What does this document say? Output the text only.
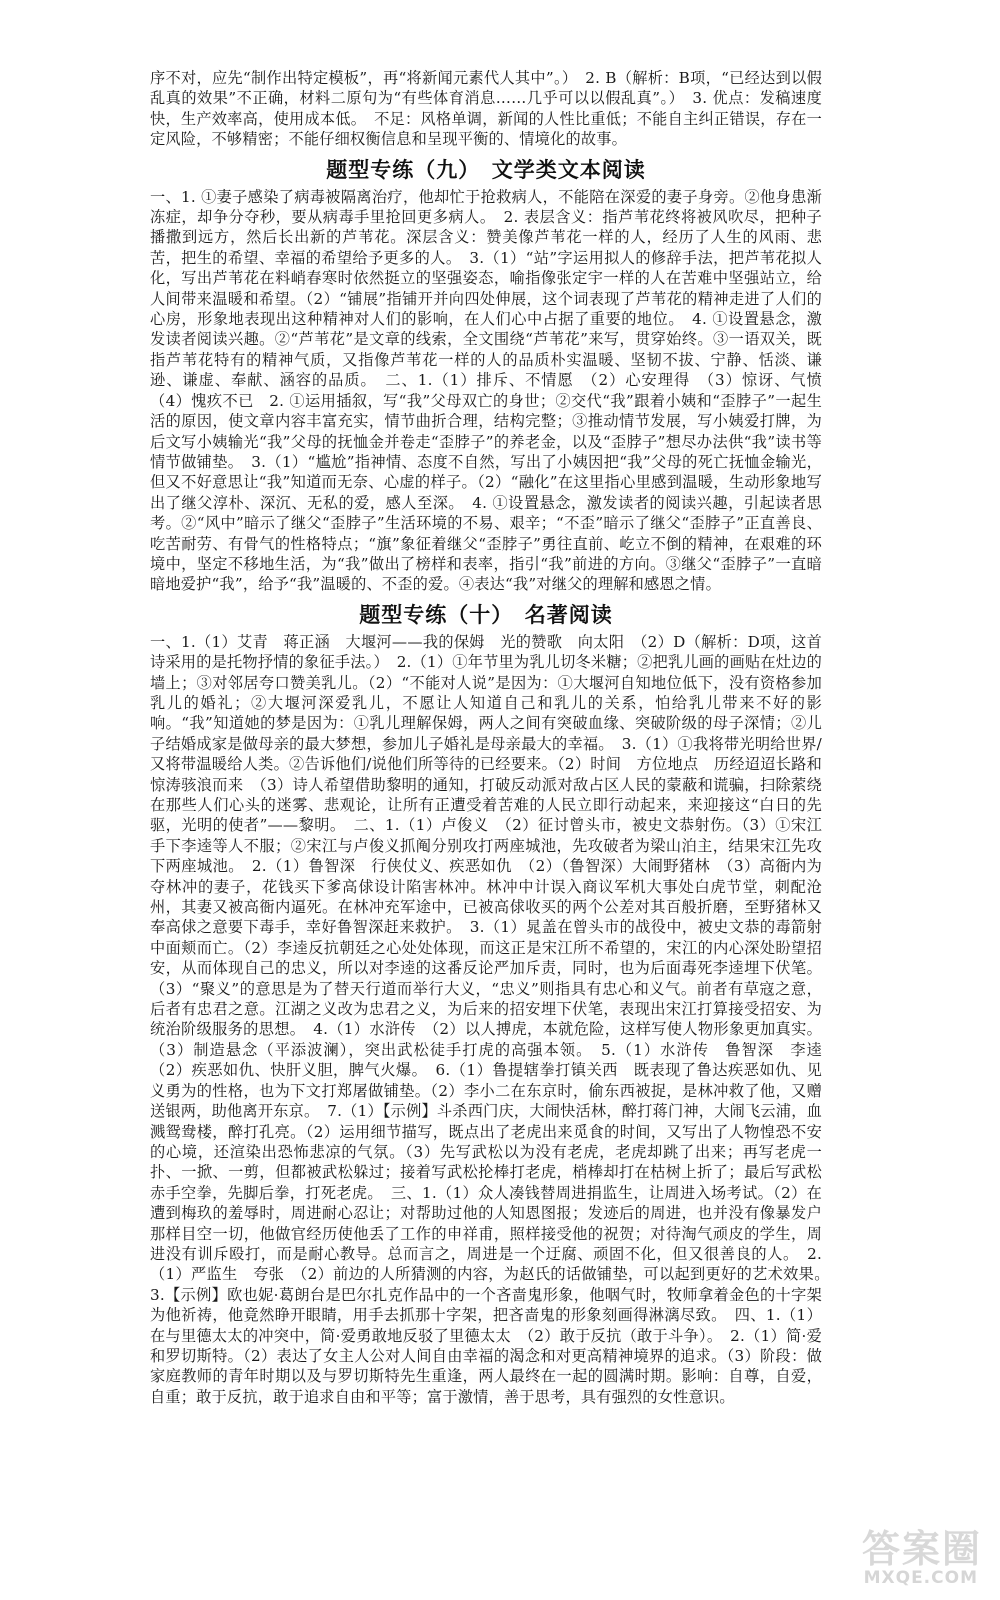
序不对，应先“制作出特定模板”，再“将新闻元素代人其中”。）　2. B（解析：B项，“已经达到以假乱真的效果”不正确，材料二原句为“有些体育消息……几乎可以以假乱真”。）　3. 优点：发稿速度快，生产效率高，使用成本低。　不足：风格单调，新闻的人性比重低；不能自主纠正错误，存在一定风险，不够精密；不能仔细权衡信息和呈现平衡的、情境化的故事。

题型专练（九）　文学类文本阅读

一、1. ①妻子感染了病毒被隔离治疗，他却忙于抢救病人，不能陪在深爱的妻子身旁。②他身患渐冻症，却争分夺秒，要从病毒手里抢回更多病人。　2. 表层含义：指芦苇花终将被风吹尽，把种子播撒到远方，然后长出新的芦苇花。深层含义：赞美像芦苇花一样的人，经历了人生的风雨、悲苦，把生的希望、幸福的希望给予更多的人。　3.（1）“站”字运用拟人的修辞手法，把芦苇花拟人化，写出芦苇花在料峭春寒时依然挺立的坚强姿态，喻指像张定宇一样的人在苦难中坚强站立，给人间带来温暖和希望。（2）“铺展”指铺开并向四处伸展，这个词表现了芦苇花的精神走进了人们的心房，形象地表现出这种精神对人们的影响，在人们心中占据了重要的地位。　4. ①设置悬念，激发读者阅读兴趣。②“芦苇花”是文章的线索，全文围绕“芦苇花”来写，贯穿始终。③一语双关，既指芦苇花特有的精神气质，又指像芦苇花一样的人的品质朴实温暖、坚韧不拔、宁静、恬淡、谦逊、谦虚、奉献、涵容的品质。　二、1.（1）排斥、不情愿　（2）心安理得　（3）惊讶、气愤　（4）愧疚不已　2. ①运用插叙，写“我”父母双亡的身世；②交代“我”跟着小姨和“歪脖子”一起生活的原因，使文章内容丰富充实，情节曲折合理，结构完整；③推动情节发展，写小姨爱打牌，为后文写小姨输光“我”父母的抚恤金并卷走“歪脖子”的养老金，以及“歪脖子”想尽办法供“我”读书等情节做铺垫。　3.（1）“尴尬”指神情、态度不自然，写出了小姨因把“我”父母的死亡抚恤金输光，但又不好意思让“我”知道而无奈、心虚的样子。（2）“融化”在这里指心里感到温暖，生动形象地写出了继父淳朴、深沉、无私的爱，感人至深。　4. ①设置悬念，激发读者的阅读兴趣，引起读者思考。②“风中”暗示了继父“歪脖子”生活环境的不易、艰辛；“不歪”暗示了继父“歪脖子”正直善良、吃苦耐劳、有骨气的性格特点；“旗”象征着继父“歪脖子”勇往直前、屹立不倒的精神，在艰难的环境中，坚定不移地生活，为“我”做出了榜样和表率，指引“我”前进的方向。③继父“歪脖子”一直暗暗地爱护“我”，给予“我”温暖的、不歪的爱。④表达“我”对继父的理解和感恩之情。

题型专练（十）　名著阅读

一、1.（1）艾青　蒋正涵　大堰河——我的保姆　光的赞歌　向太阳　（2）D（解析：D项，这首诗采用的是托物抒情的象征手法。）　2.（1）①年节里为乳儿切冬米糖；②把乳儿画的画贴在灶边的墙上；③对邻居夸口赞美乳儿。（2）“不能对人说”是因为：①大堰河自知地位低下，没有资格参加乳儿的婚礼；②大堰河深爱乳儿，不愿让人知道自己和乳儿的关系，怕给乳儿带来不好的影响。“我”知道她的梦是因为：①乳儿理解保姆，两人之间有突破血缘、突破阶级的母子深情；②儿子结婚成家是做母亲的最大梦想，参加儿子婚礼是母亲最大的幸福。　3.（1）①我将带光明给世界/又将带温暖给人类。②告诉他们/说他们所等待的已经要来。（2）时间　方位地点　历经迢迢长路和惊涛骇浪而来　（3）诗人希望借助黎明的通知，打破反动派对敌占区人民的蒙蔽和谎骗，扫除萦绕在那些人们心头的迷雾、悲观论，让所有正遭受着苦难的人民立即行动起来，来迎接这“白日的先驱，光明的使者”——黎明。　二、1.（1）卢俊义　（2）征讨曾头市，被史文恭射伤。（3）①宋江手下李逵等人不服；②宋江与卢俊义抓阄分别攻打两座城池，先攻破者为梁山泊主，结果宋江先攻下两座城池。　2.（1）鲁智深　行侠仗义、疾恶如仇　（2）（鲁智深）大闹野猪林　（3）高衙内为夺林冲的妻子，花钱买下爹高俅设计陷害林冲。林冲中计误入商议军机大事处白虎节堂，刺配沧州，其妻又被高衙内逼死。在林冲充军途中，已被高俅收买的两个公差对其百般折磨，至野猪林又奉高俅之意要下毒手，幸好鲁智深赶来救护。　3.（1）晁盖在曾头市的战役中，被史文恭的毒箭射中面颊而亡。（2）李逵反抗朝廷之心处处体现，而这正是宋江所不希望的，宋江的内心深处盼望招安，从而体现自己的忠义，所以对李逵的这番反论严加斥责，同时，也为后面毒死李逵埋下伏笔。（3）“聚义”的意思是为了替天行道而举行大义，“忠义”则指具有忠心和义气。前者有草寇之意，后者有忠君之意。江湖之义改为忠君之义，为后来的招安埋下伏笔，表现出宋江打算接受招安、为统治阶级服务的思想。　4.（1）水浒传　（2）以人搏虎，本就危险，这样写使人物形象更加真实。（3）制造悬念（平添波澜），突出武松徒手打虎的高强本领。　5.（1）水浒传　鲁智深　李逵　（2）疾恶如仇、快肝义胆，脾气火爆。　6.（1）鲁提辖拳打镇关西　既表现了鲁达疾恶如仇、见义勇为的性格，也为下文打郑屠做铺垫。（2）李小二在东京时，偷东西被捉，是林冲救了他，又赠送银两，助他离开东京。　7.（1）【示例】斗杀西门庆，大闹快活林，醉打蒋门神，大闹飞云浦，血溅鸳鸯楼，醉打孔亮。（2）运用细节描写，既点出了老虎出来觅食的时间，又写出了人物惶恐不安的心境，还渲染出恐怖悲凉的气氛。（3）先写武松以为没有老虎，老虎却跳了出来；再写老虎一扑、一掀、一剪，但都被武松躲过；接着写武松抡棒打老虎，梢棒却打在枯树上折了；最后写武松赤手空拳，先脚后拳，打死老虎。　三、1.（1）众人凑钱替周进捐监生，让周进入场考试。（2）在遭到梅玖的羞辱时，周进耐心忍让；对帮助过他的人知恩图报；发迹后的周进，也并没有像暴发户那样目空一切，他做官经历使他丢了工作的申祥甫，照样接受他的祝贺；对待淘气顽皮的学生，周进没有训斥殴打，而是耐心教导。总而言之，周进是一个迂腐、顽固不化，但又很善良的人。　2.（1）严监生　夸张　（2）前边的人所猜测的内容，为赵氏的话做铺垫，可以起到更好的艺术效果。　3.【示例】欧也妮·葛朗台是巴尔扎克作品中的一个吝啬鬼形象，他咽气时，牧师拿着金色的十字架为他祈祷，他竟然睁开眼睛，用手去抓那十字架，把吝啬鬼的形象刻画得淋漓尽致。　四、1.（1）在与里德太太的冲突中，简·爱勇敢地反驳了里德太太　（2）敢于反抗（敢于斗争）。　2.（1）简·爱和罗切斯特。（2）表达了女主人公对人间自由幸福的渴念和对更高精神境界的追求。（3）阶段：做家庭教师的青年时期以及与罗切斯特先生重逢，两人最终在一起的圆满时期。影响：自尊，自爱，自重；敢于反抗，敢于追求自由和平等；富于激情，善于思考，具有强烈的女性意识。

答案圈
MXQE.COM
